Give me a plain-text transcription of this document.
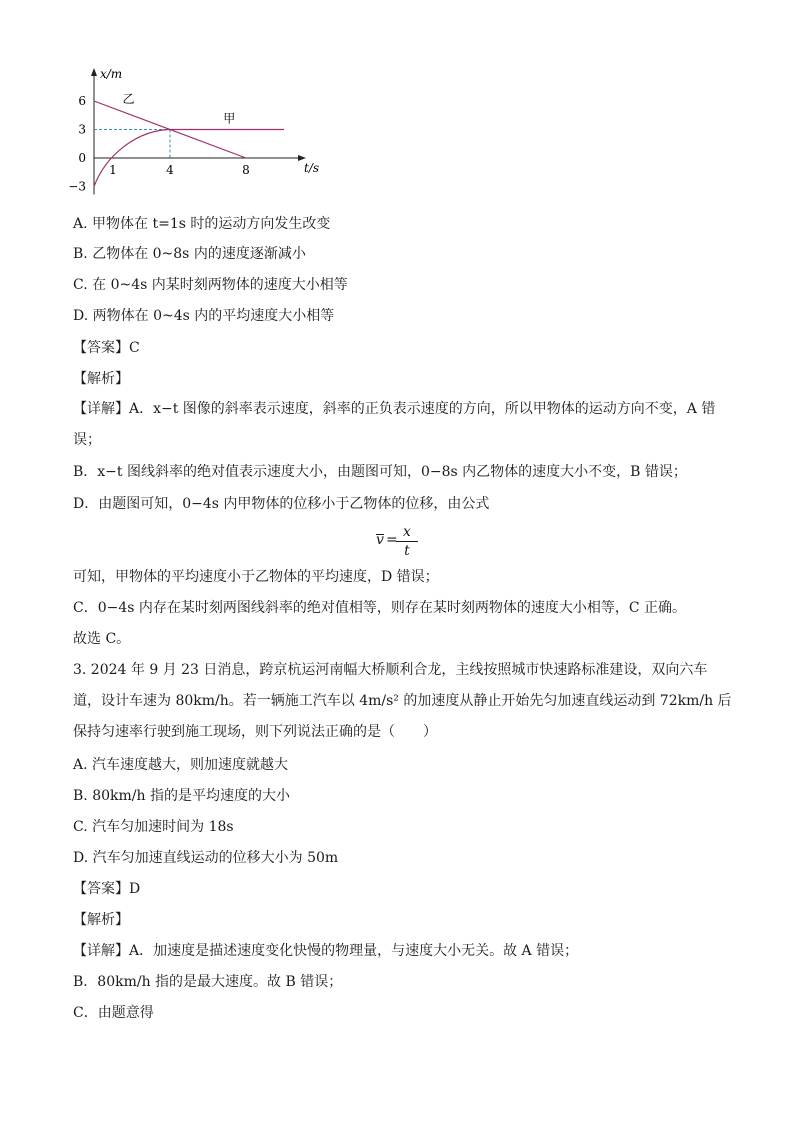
x/m
t/s
6
3
0
−3
1	4	8
甲
乙
A. 甲物体在 t=1s 时的运动方向发生改变
B. 乙物体在 0~8s 内的速度逐渐减小
C. 在 0~4s 内某时刻两物体的速度大小相等
D. 两物体在 0~4s 内的平均速度大小相等
【答案】C
【解析】
【详解】A．x−t 图像的斜率表示速度，斜率的正负表示速度的方向，所以甲物体的运动方向不变，A 错误；
B．x−t 图线斜率的绝对值表示速度大小，由题图可知，0−8s 内乙物体的速度大小不变，B 错误；
D．由题图可知，0−4s 内甲物体的位移小于乙物体的位移，由公式
v = x
t
可知，甲物体的平均速度小于乙物体的平均速度，D 错误；
C．0−4s 内存在某时刻两图线斜率的绝对值相等，则存在某时刻两物体的速度大小相等，C 正确。
故选 C。
3. 2024 年 9 月 23 日消息，跨京杭运河南幅大桥顺利合龙，主线按照城市快速路标准建设，双向六车道，设计车速为 80km/h。若一辆施工汽车以 4m/s² 的加速度从静止开始先匀加速直线运动到 72km/h 后保持匀速率行驶到施工现场，则下列说法正确的是（　　）
A. 汽车速度越大，则加速度就越大
B. 80km/h 指的是平均速度的大小
C. 汽车匀加速时间为 18s
D. 汽车匀加速直线运动的位移大小为 50m
【答案】D
【解析】
【详解】A．加速度是描述速度变化快慢的物理量，与速度大小无关。故 A 错误；
B．80km/h 指的是最大速度。故 B 错误；
C．由题意得
